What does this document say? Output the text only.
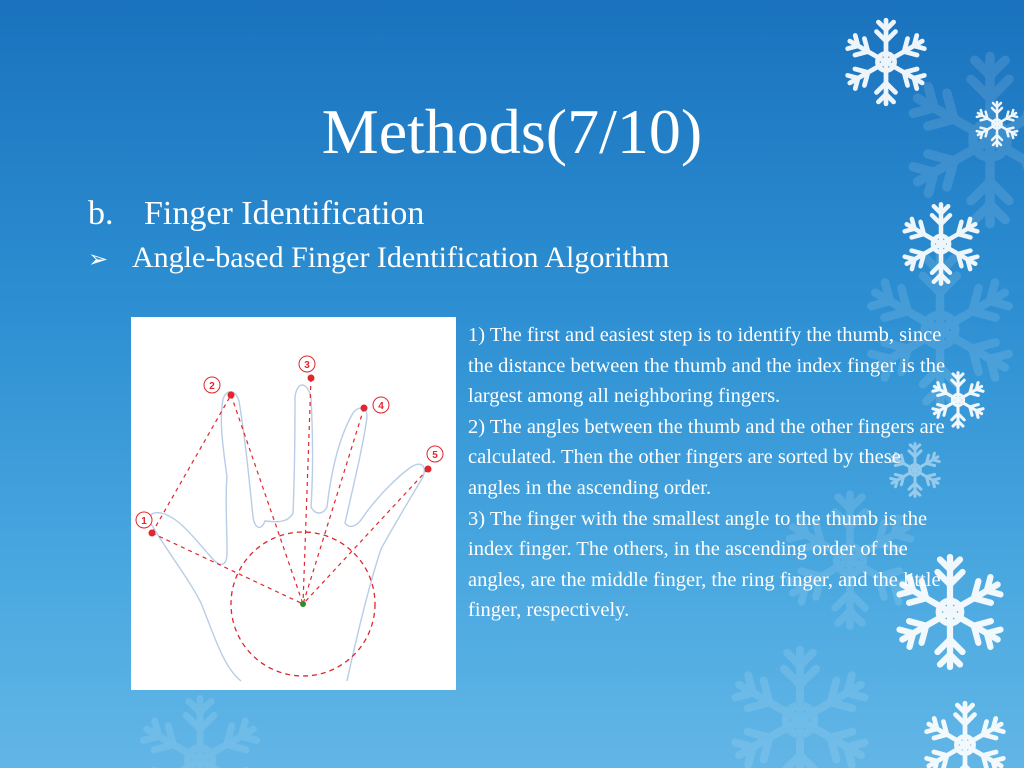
Methods(7/10)
b. Finger Identification
➢ Angle-based Finger Identification Algorithm
1
2
3
4
5

1) The first and easiest step is to identify the thumb, since the distance between the thumb and the index finger is the largest among all neighboring fingers.

2) The angles between the thumb and the other fingers are calculated. Then the other fingers are sorted by these angles in the ascending order.

3) The finger with the smallest angle to the thumb is the index finger. The others, in the ascending order of the angles, are the middle finger, the ring finger, and the little finger, respectively.
